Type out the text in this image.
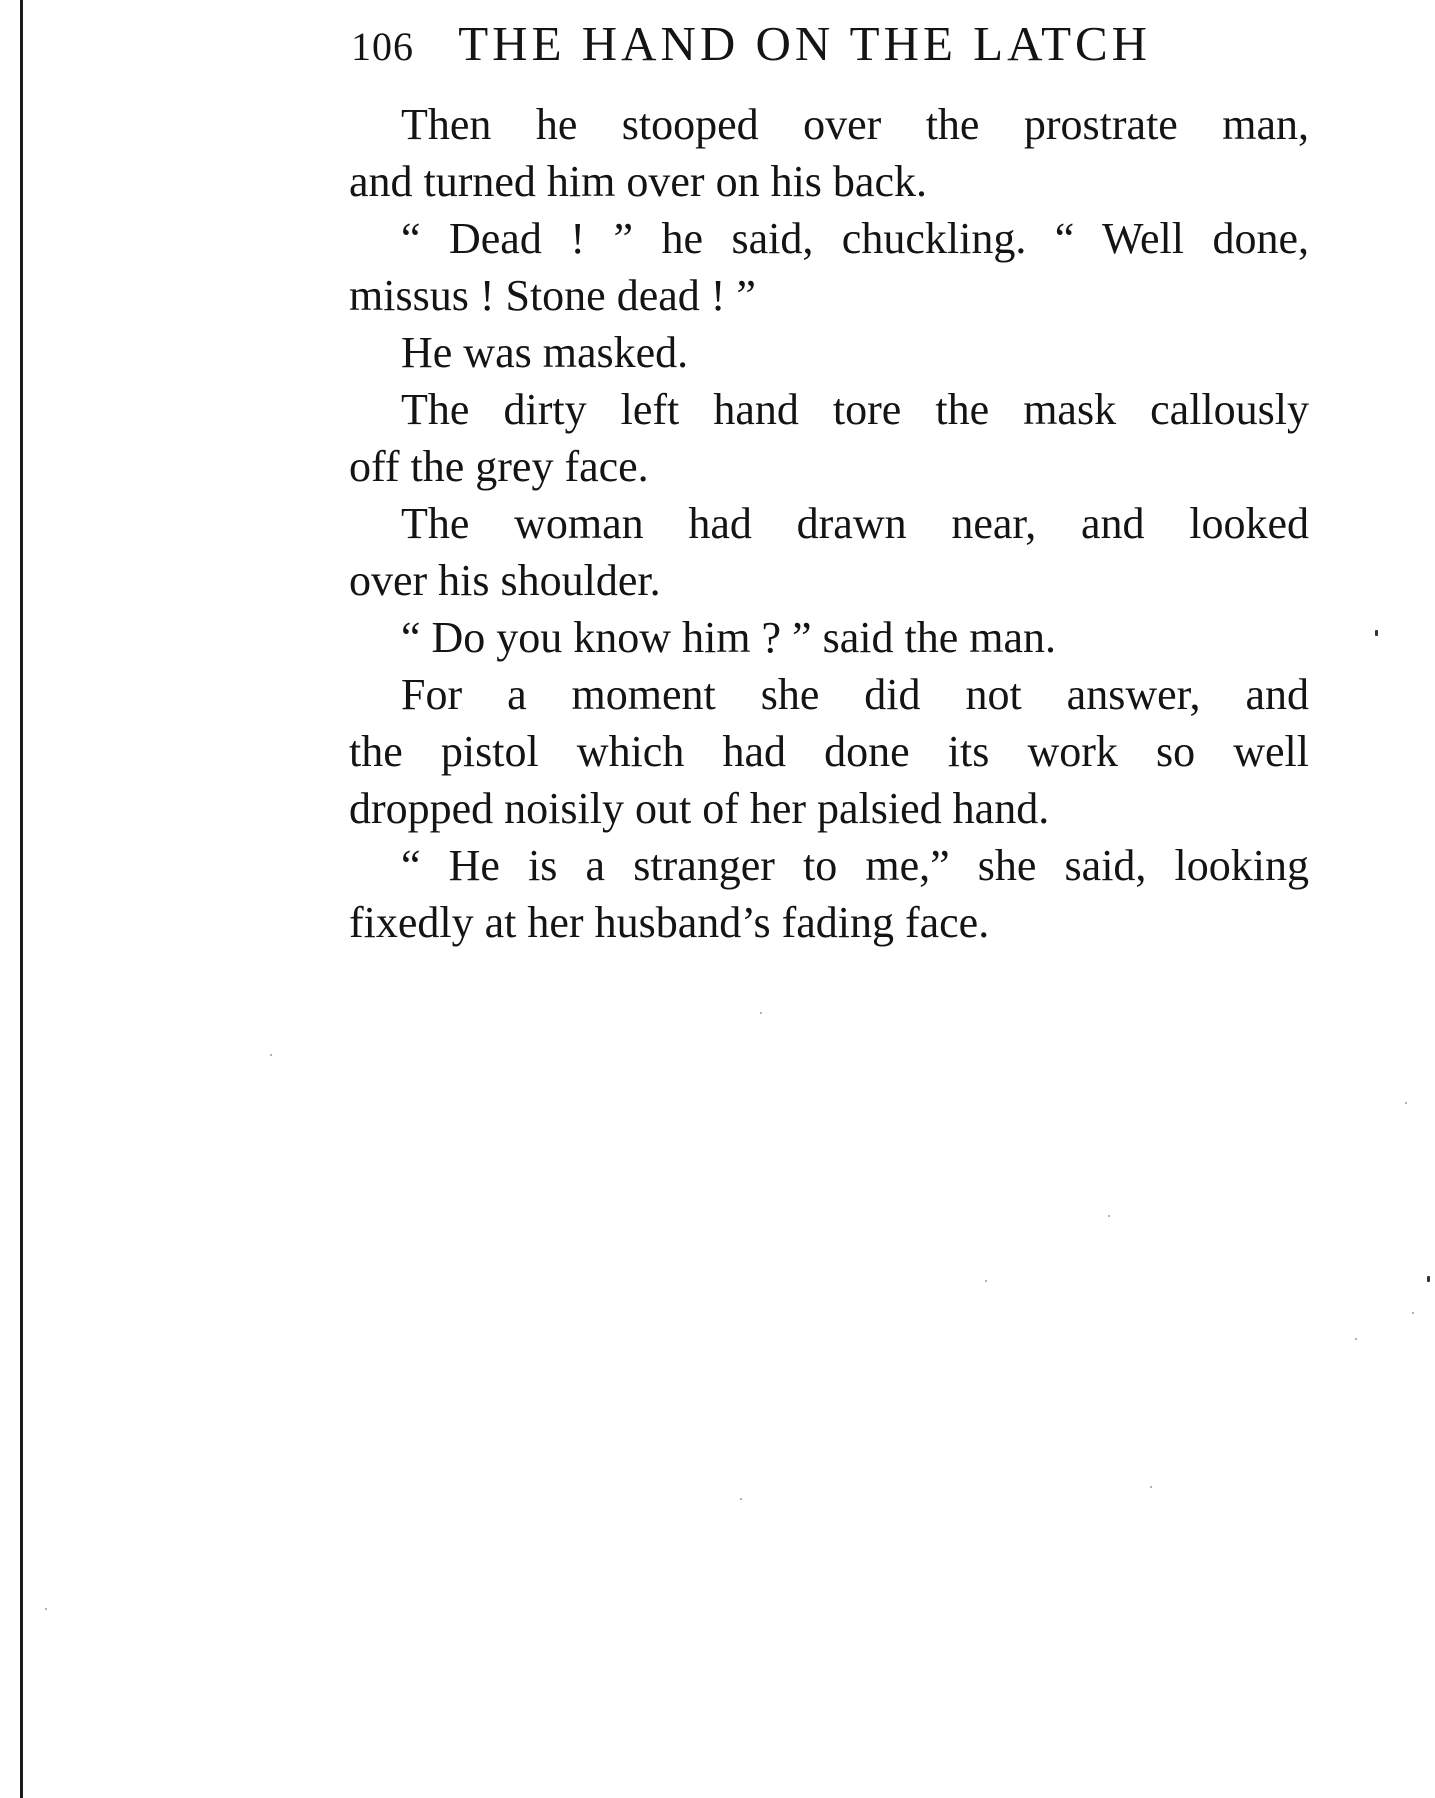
106 THE HAND ON THE LATCH
Then he stooped over the prostrate man,
and turned him over on his back.
“ Dead ! ” he said, chuckling. “ Well done,
missus ! Stone dead ! ”
He was masked.
The dirty left hand tore the mask callously
off the grey face.
The woman had drawn near, and looked
over his shoulder.
“ Do you know him ? ” said the man.
For a moment she did not answer, and
the pistol which had done its work so well
dropped noisily out of her palsied hand.
“ He is a stranger to me,” she said, looking
fixedly at her husband’s fading face.
